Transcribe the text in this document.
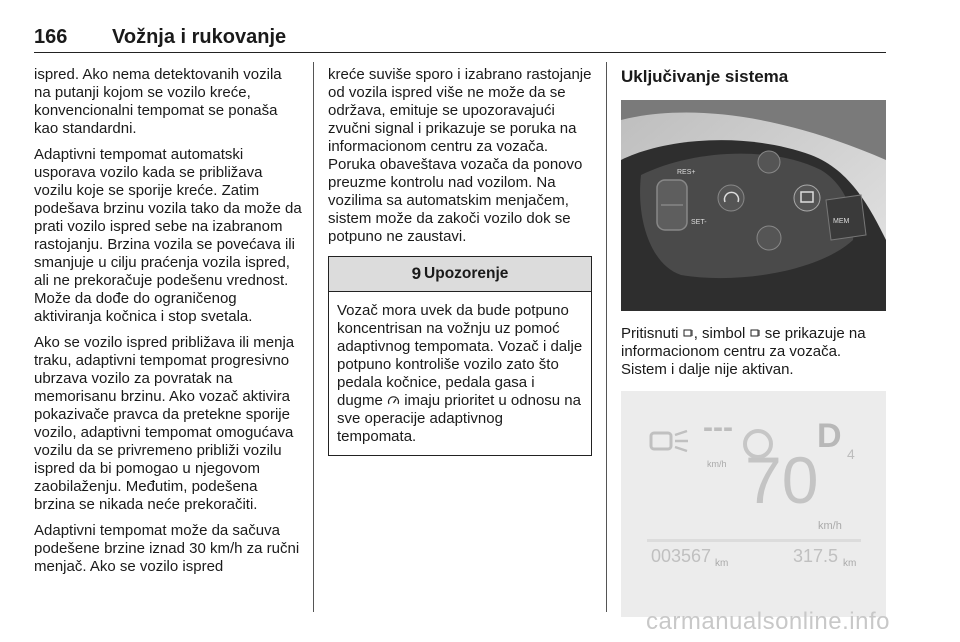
166 Vožnja i rukovanje

ispred. Ako nema detektovanih vozila na putanji kojom se vozilo kreće, konvencionalni tempomat se ponaša kao standardni.

Adaptivni tempomat automatski usporava vozilo kada se približava vozilu koje se sporije kreće. Zatim podešava brzinu vozila tako da može da prati vozilo ispred sebe na izabranom rastojanju. Brzina vozila se povećava ili smanjuje u cilju praćenja vozila ispred, ali ne prekoračuje podešenu vrednost. Može da dođe do ograničenog aktiviranja kočnica i stop svetala.

Ako se vozilo ispred približava ili menja traku, adaptivni tempomat progresivno ubrzava vozilo za povratak na memorisanu brzinu. Ako vozač aktivira pokazivače pravca da pretekne sporije vozilo, adaptivni tempomat omogućava vozilu da se privremeno približi vozilu ispred da bi pomogao u njegovom zaobilaženju. Međutim, podešena brzina se nikada neće prekoračiti.

Adaptivni tempomat može da sačuva podešene brzine iznad 30 km/h za ručni menjač. Ako se vozilo ispred

kreće suviše sporo i izabrano rastojanje od vozila ispred više ne može da se održava, emituje se upozoravajući zvučni signal i prikazuje se poruka na informacionom centru za vozača. Poruka obaveštava vozača da ponovo preuzme kontrolu nad vozilom. Na vozilima sa automatskim menjačem, sistem može da zakoči vozilo dok se potpuno ne zaustavi.

9 Upozorenje
Vozač mora uvek da bude potpuno koncentrisan na vožnju uz pomoć adaptivnog tempomata. Vozač i dalje potpuno kontroliše vozilo zato što pedala kočnice, pedala gasa i dugme  imaju prioritet u odnosu na sve operacije adaptivnog tempomata.
Uključivanje sistema
RES+
SET-	MEM
Pritisnuti , simbol  se prikazuje na informacionom centru za vozača. Sistem i dalje nije aktivan.
---
km/h
D 4
70
km/h
003567 km	317.5 km
carmanualsonline.info
